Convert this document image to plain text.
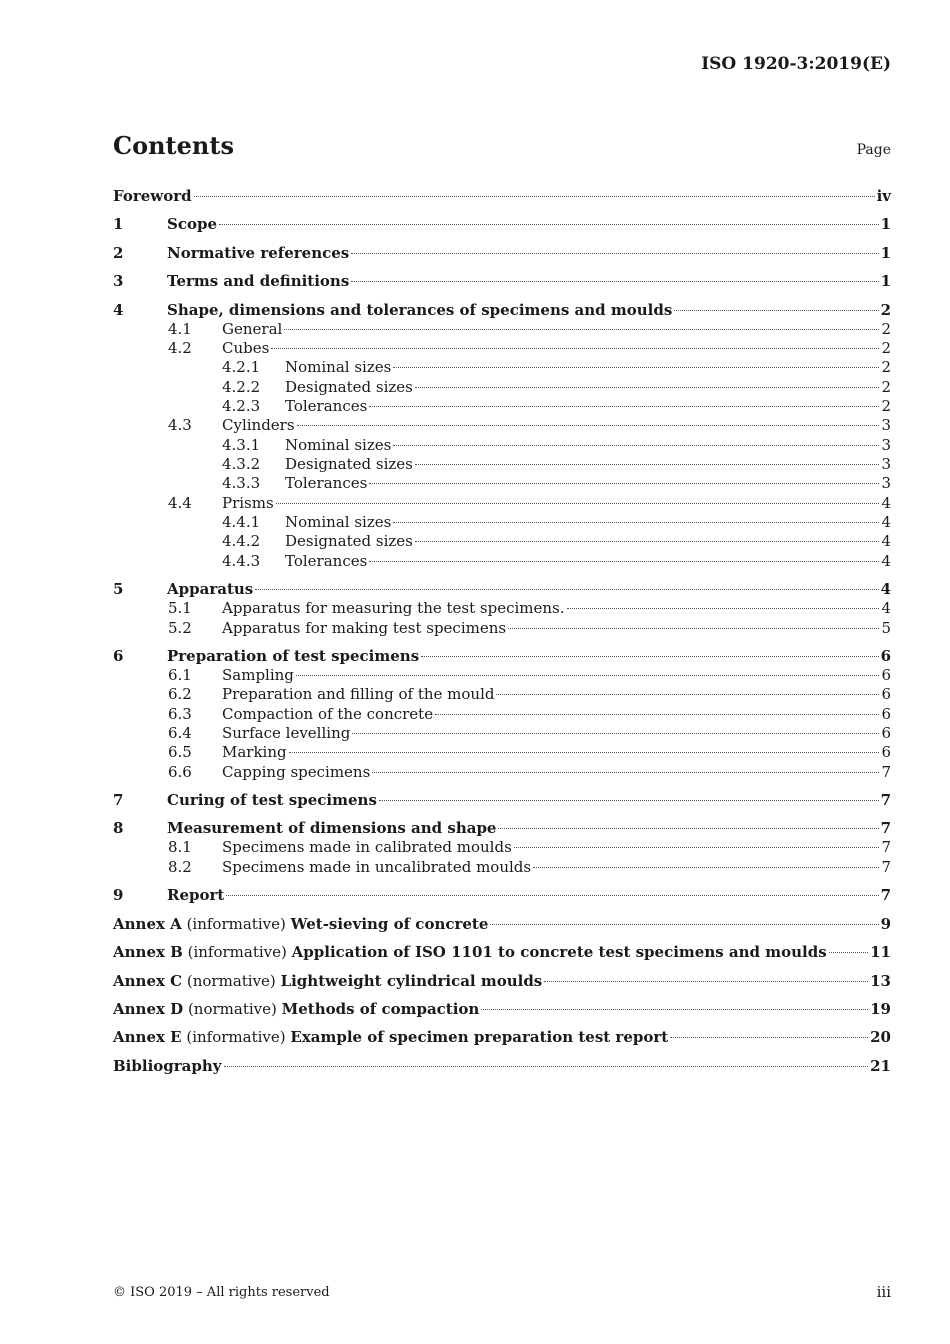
ISO 1920-3:2019(E)
Contents	Page
Foreword	iv
1	Scope	1
2	Normative references	1
3	Terms and definitions	1
4	Shape, dimensions and tolerances of specimens and moulds	2
4.1 General	2
4.2 Cubes	2
4.2.1 Nominal sizes	2
4.2.2 Designated sizes	2
4.2.3 Tolerances	2
4.3 Cylinders	3
4.3.1 Nominal sizes	3
4.3.2 Designated sizes	3
4.3.3 Tolerances	3
4.4 Prisms	4
4.4.1 Nominal sizes	4
4.4.2 Designated sizes	4
4.4.3 Tolerances	4
5	Apparatus	4
5.1 Apparatus for measuring the test specimens.	4
5.2 Apparatus for making test specimens	5
6	Preparation of test specimens	6
6.1 Sampling	6
6.2 Preparation and filling of the mould	6
6.3 Compaction of the concrete	6
6.4 Surface levelling	6
6.5 Marking	6
6.6 Capping specimens	7
7	Curing of test specimens	7
8	Measurement of dimensions and shape	7
8.1 Specimens made in calibrated moulds	7
8.2 Specimens made in uncalibrated moulds	7
9	Report	7
Annex A (informative) Wet-sieving of concrete	9
Annex B (informative) Application of ISO 1101 to concrete test specimens and moulds	11
Annex C (normative) Lightweight cylindrical moulds	13
Annex D (normative) Methods of compaction	19
Annex E (informative) Example of specimen preparation test report	20
Bibliography	21
© ISO 2019 – All rights reserved	iii
